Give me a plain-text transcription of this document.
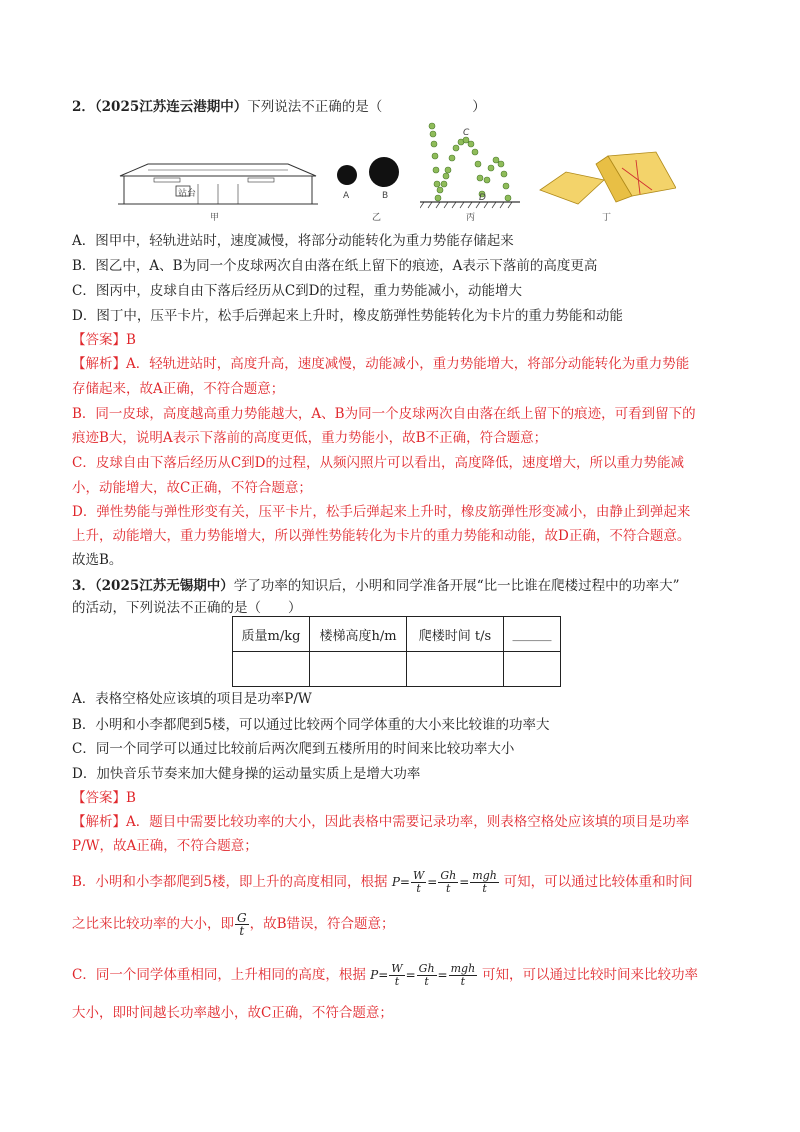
2．（2025江苏连云港期中）下列说法不正确的是（	）
站台
甲
A	B
乙
C
D
丙	丁
A．图甲中，轻轨进站时，速度减慢，将部分动能转化为重力势能存储起来
B．图乙中，A、B为同一个皮球两次自由落在纸上留下的痕迹，A表示下落前的高度更高
C．图丙中，皮球自由下落后经历从C到D的过程，重力势能减小，动能增大
D．图丁中，压平卡片，松手后弹起来上升时，橡皮筋弹性势能转化为卡片的重力势能和动能
【答案】B
【解析】A．轻轨进站时，高度升高，速度减慢，动能减小，重力势能增大，将部分动能转化为重力势能
存储起来，故A正确，不符合题意；
B．同一皮球，高度越高重力势能越大，A、B为同一个皮球两次自由落在纸上留下的痕迹，可看到留下的
痕迹B大，说明A表示下落前的高度更低，重力势能小，故B不正确，符合题意；
C．皮球自由下落后经历从C到D的过程，从频闪照片可以看出，高度降低，速度增大，所以重力势能减
小，动能增大，故C正确，不符合题意；
D．弹性势能与弹性形变有关，压平卡片，松手后弹起来上升时，橡皮筋弹性形变减小，由静止到弹起来
上升，动能增大，重力势能增大，所以弹性势能转化为卡片的重力势能和动能，故D正确，不符合题意。
故选B。
3．（2025江苏无锡期中）学了功率的知识后，小明和同学准备开展“比一比谁在爬楼过程中的功率大”
的活动，下列说法不正确的是（　　）
质量m/kg	楼梯高度h/m	爬楼时间 t/s	______

A．表格空格处应该填的项目是功率P/W
B．小明和小李都爬到5楼，可以通过比较两个同学体重的大小来比较谁的功率大
C．同一个同学可以通过比较前后两次爬到五楼所用的时间来比较功率大小
D．加快音乐节奏来加大健身操的运动量实质上是增大功率
【答案】B
【解析】A．题目中需要比较功率的大小，因此表格中需要记录功率，则表格空格处应该填的项目是功率
P/W，故A正确，不符合题意；
B．小明和小李都爬到5楼，即上升的高度相同，根据 $P= \frac{W}{t} = \frac{Gh}{t} = \frac{\text{mgh}}{t}$ 可知，可以通过比较体重和时间
之比来比较功率的大小，即 $\frac{G}{t}$ ，故B错误，符合题意；
C．同一个同学体重相同，上升相同的高度，根据 $P= \frac{W}{t} = \frac{Gh}{t} = \frac{\text{mgh}}{t}$ 可知，可以通过比较时间来比较功率
大小，即时间越长功率越小，故C正确，不符合题意；
